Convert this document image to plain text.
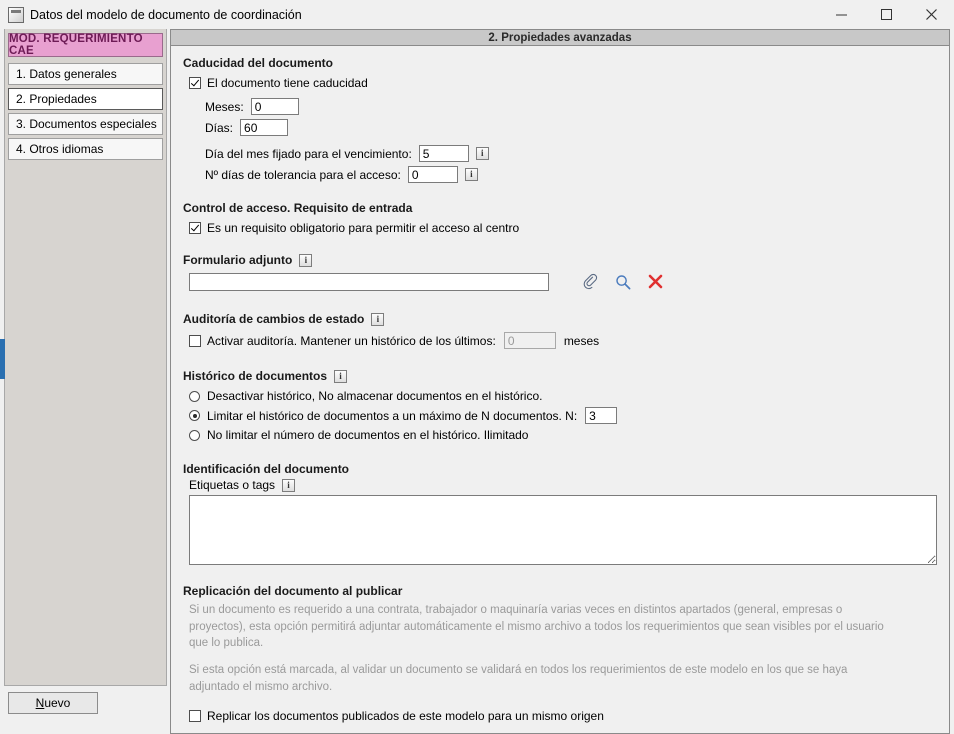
Datos del modelo de documento de coordinación
MOD. REQUERIMIENTO CAE
1. Datos generales
2. Propiedades
3. Documentos especiales
4. Otros idiomas
2. Propiedades avanzadas
Caducidad del documento
El documento tiene caducidad
Meses:
0
Días:
60
Día del mes fijado para el vencimiento:
5	i
Nº días de tolerancia para el acceso:
0	i
Control de acceso. Requisito de entrada
Es un requisito obligatorio para permitir el acceso al centro
Formulario adjunto	i
Auditoría de cambios de estado	i
Activar auditoría. Mantener un histórico de los últimos:
0	meses
Histórico de documentos	i
Desactivar histórico, No almacenar documentos en el histórico.
Limitar el histórico de documentos a un máximo de N documentos. N:
3
No limitar el número de documentos en el histórico. Ilimitado
Identificación del documento
Etiquetas o tags	i
Replicación del documento al publicar
Si un documento es requerido a una contrata, trabajador o maquinaría varias veces en distintos apartados (general, empresas o proyectos), esta opción permitirá adjuntar automáticamente el mismo archivo a todos los requerimientos que sean visibles por el usuario que lo publica.
Si esta opción está marcada, al validar un documento se validará en todos los requerimientos de este modelo en los que se haya adjuntado el mismo archivo.
Replicar los documentos publicados de este modelo para un mismo origen
N uevo
